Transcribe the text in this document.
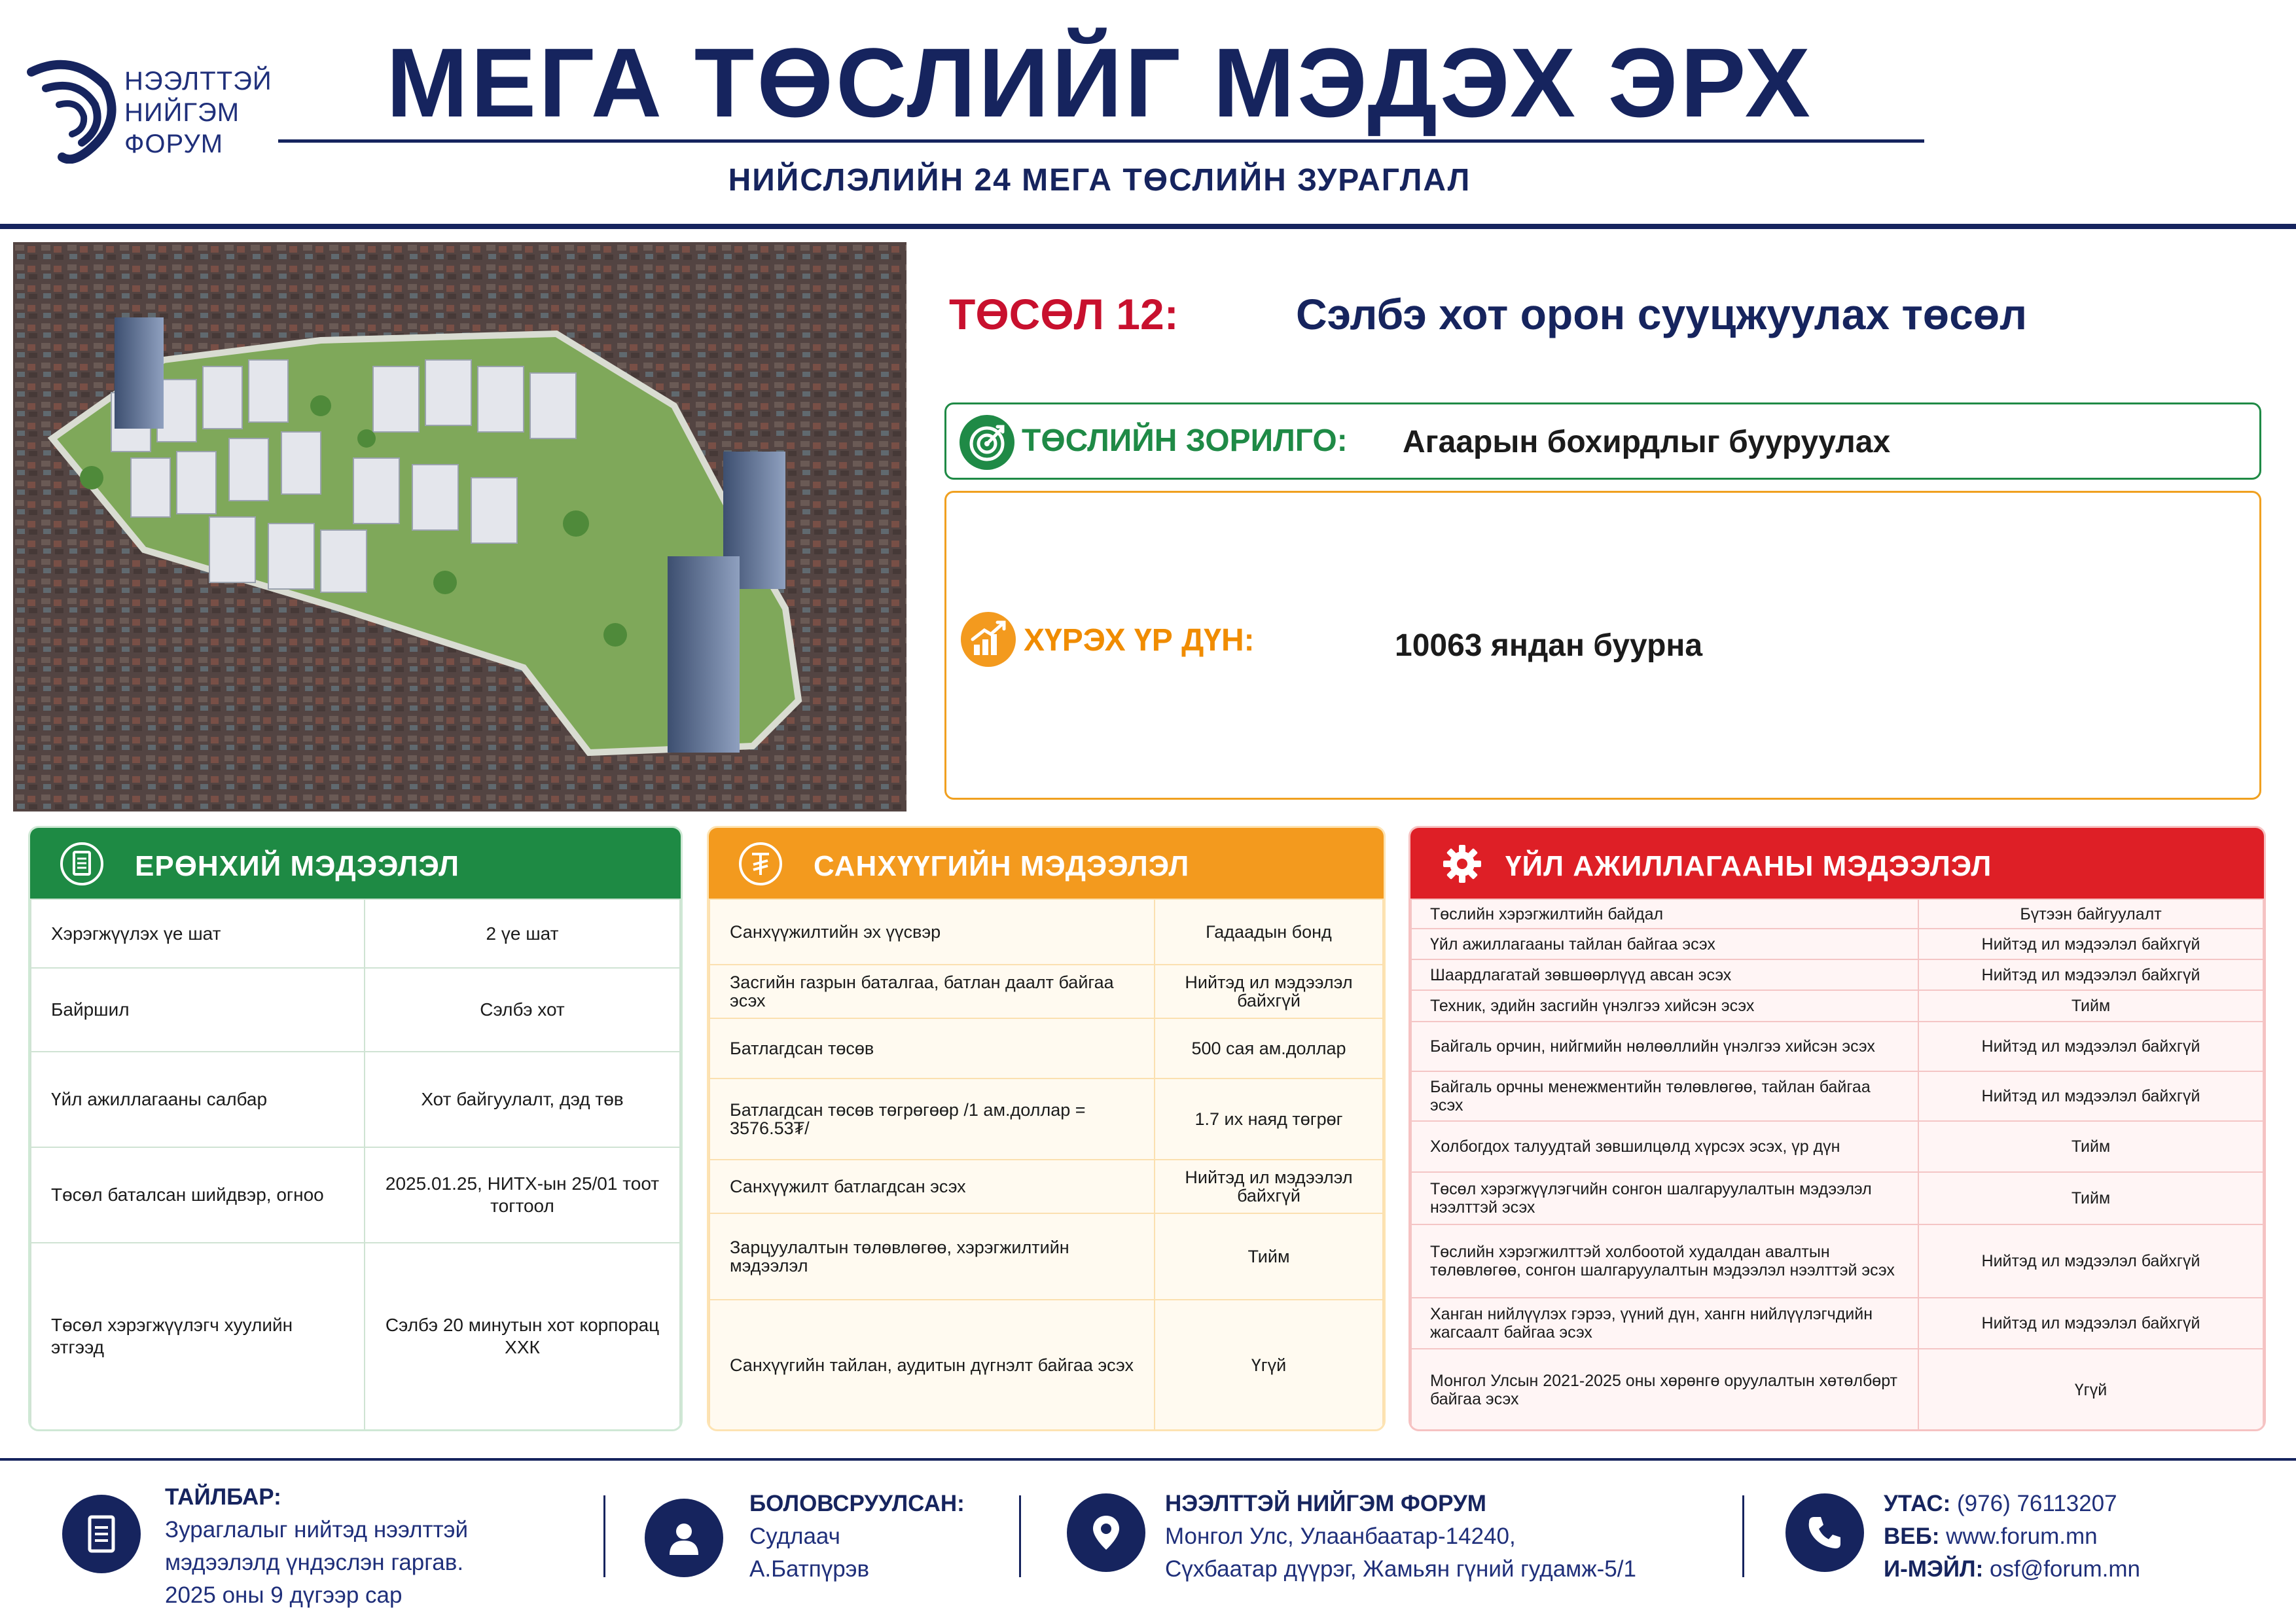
НЭЭЛТТЭЙ
НИЙГЭМ
ФОРУМ
МЕГА ТӨСЛИЙГ МЭДЭХ ЭРХ
НИЙСЛЭЛИЙН 24 МЕГА ТӨСЛИЙН ЗУРАГЛАЛ
ТӨСӨЛ 12:	Сэлбэ хот орон сууцжуулах төсөл
ТӨСЛИЙН ЗОРИЛГО: Агаарын бохирдлыг бууруулах
ХҮРЭХ ҮР ДҮН:	10063 яндан буурна
ЕРӨНХИЙ МЭДЭЭЛЭЛ
Хэрэгжүүлэх үе шат	2 үе шат
Байршил	Сэлбэ хот
Үйл ажиллагааны салбар	Хот байгуулалт, дэд төв
Төсөл баталсан шийдвэр, огноо	2025.01.25, НИТХ-ын 25/01 тоот тогтоол
Төсөл хэрэгжүүлэгч хуулийн этгээд	Сэлбэ 20 минутын хот корпорац ХХК
САНХҮҮГИЙН МЭДЭЭЛЭЛ
Санхүүжилтийн эх үүсвэр	Гадаадын бонд
Засгийн газрын баталгаа, батлан даалт байгаа эсэх	Нийтэд ил мэдээлэл байхгүй
Батлагдсан төсөв	500 сая ам.доллар
Батлагдсан төсөв төгрөгөөр /1 ам.доллар = 3576.53₮/	1.7 их наяд төгрөг
Санхүүжилт батлагдсан эсэх	Нийтэд ил мэдээлэл байхгүй
Зарцуулалтын төлөвлөгөө, хэрэгжилтийн мэдээлэл	Тийм
Санхүүгийн тайлан, аудитын дүгнэлт байгаа эсэх	Үгүй
ҮЙЛ АЖИЛЛАГААНЫ МЭДЭЭЛЭЛ
Төслийн хэрэгжилтийн байдал	Бүтээн байгуулалт
Үйл ажиллагааны тайлан байгаа эсэх	Нийтэд ил мэдээлэл байхгүй
Шаардлагатай зөвшөөрлүүд авсан эсэх	Нийтэд ил мэдээлэл байхгүй
Техник, эдийн засгийн үнэлгээ хийсэн эсэх	Тийм
Байгаль орчин, нийгмийн нөлөөллийн үнэлгээ хийсэн эсэх	Нийтэд ил мэдээлэл байхгүй
Байгаль орчны менежментийн төлөвлөгөө, тайлан байгаа эсэх	Нийтэд ил мэдээлэл байхгүй
Холбогдох талуудтай зөвшилцөлд хүрсэх эсэх, үр дүн	Тийм
Төсөл хэрэгжүүлэгчийн сонгон шалгаруулалтын мэдээлэл нээлттэй эсэх	Тийм
Төслийн хэрэгжилттэй холбоотой худалдан авалтын төлөвлөгөө, сонгон шалгаруулалтын мэдээлэл нээлттэй эсэх	Нийтэд ил мэдээлэл байхгүй
Ханган нийлүүлэх гэрээ, үүний дүн, хангн нийлүүлэгчдийн жагсаалт байгаа эсэх	Нийтэд ил мэдээлэл байхгүй
Монгол Улсын 2021-2025 оны хөрөнгө оруулалтын хөтөлбөрт байгаа эсэх	Үгүй
ТАЙЛБАР:
Зураглалыг нийтэд нээлттэй
мэдээлэлд үндэслэн гаргав.
2025 оны 9 дүгээр сар
БОЛОВСРУУЛСАН:
Судлаач
А.Батпүрэв
НЭЭЛТТЭЙ НИЙГЭМ ФОРУМ
Монгол Улс, Улаанбаатар-14240,
Сүхбаатар дүүрэг, Жамьян гүний гудамж-5/1
УТАС: (976) 76113207
ВЕБ: www.forum.mn
И-МЭЙЛ: osf@forum.mn
